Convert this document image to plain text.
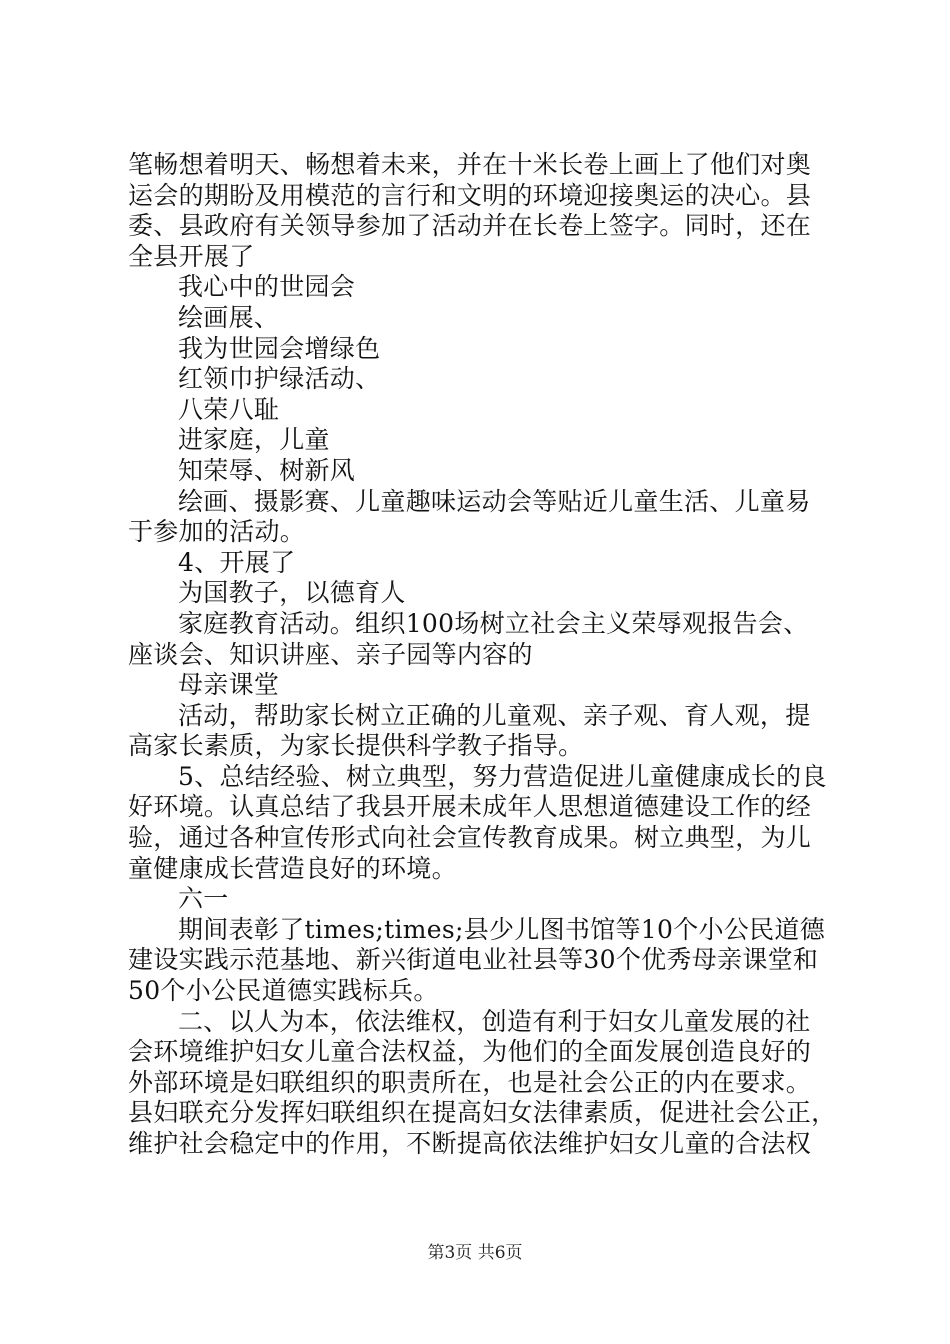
笔畅想着明天、畅想着未来，并在十米长卷上画上了他们对奥
运会的期盼及用模范的言行和文明的环境迎接奥运的决心。县
委、县政府有关领导参加了活动并在长卷上签字。同时，还在
全县开展了
我心中的世园会
绘画展、
我为世园会增绿色
红领巾护绿活动、
八荣八耻
进家庭，儿童
知荣辱、树新风
绘画、摄影赛、儿童趣味运动会等贴近儿童生活、儿童易
于参加的活动。
4、开展了
为国教子，以德育人
家庭教育活动。组织100场树立社会主义荣辱观报告会、
座谈会、知识讲座、亲子园等内容的
母亲课堂
活动，帮助家长树立正确的儿童观、亲子观、育人观，提
高家长素质，为家长提供科学教子指导。
5、总结经验、树立典型，努力营造促进儿童健康成长的良
好环境。认真总结了我县开展未成年人思想道德建设工作的经
验，通过各种宣传形式向社会宣传教育成果。树立典型，为儿
童健康成长营造良好的环境。
六一
期间表彰了times;times;县少儿图书馆等10个小公民道德
建设实践示范基地、新兴街道电业社县等30个优秀母亲课堂和
50个小公民道德实践标兵。
二、以人为本，依法维权，创造有利于妇女儿童发展的社
会环境维护妇女儿童合法权益，为他们的全面发展创造良好的
外部环境是妇联组织的职责所在，也是社会公正的内在要求。
县妇联充分发挥妇联组织在提高妇女法律素质，促进社会公正，
维护社会稳定中的作用，不断提高依法维护妇女儿童的合法权
第3页 共6页
